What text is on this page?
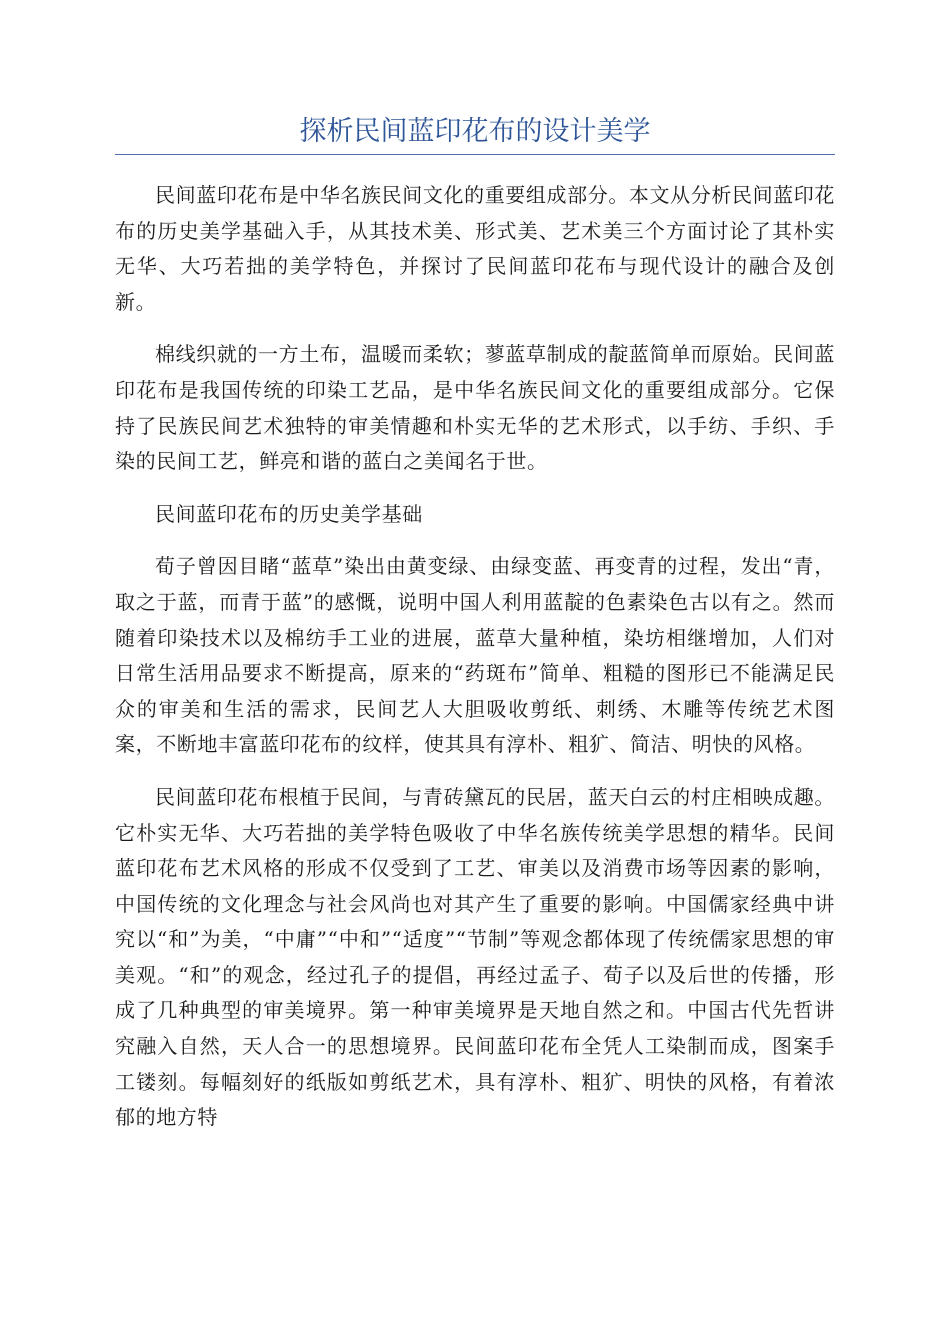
探析民间蓝印花布的设计美学

民间蓝印花布是中华名族民间文化的重要组成部分。本文从分析民间蓝印花布的历史美学基础入手，从其技术美、形式美、艺术美三个方面讨论了其朴实无华、大巧若拙的美学特色，并探讨了民间蓝印花布与现代设计的融合及创新。

棉线织就的一方土布，温暖而柔软；蓼蓝草制成的靛蓝简单而原始。民间蓝印花布是我国传统的印染工艺品，是中华名族民间文化的重要组成部分。它保持了民族民间艺术独特的审美情趣和朴实无华的艺术形式，以手纺、手织、手染的民间工艺，鲜亮和谐的蓝白之美闻名于世。

民间蓝印花布的历史美学基础

荀子曾因目睹“蓝草”染出由黄变绿、由绿变蓝、再变青的过程，发出“青，取之于蓝，而青于蓝”的感慨，说明中国人利用蓝靛的色素染色古以有之。然而随着印染技术以及棉纺手工业的进展，蓝草大量种植，染坊相继增加，人们对日常生活用品要求不断提高，原来的“药斑布”简单、粗糙的图形已不能满足民众的审美和生活的需求，民间艺人大胆吸收剪纸、刺绣、木雕等传统艺术图案，不断地丰富蓝印花布的纹样，使其具有淳朴、粗犷、简洁、明快的风格。

民间蓝印花布根植于民间，与青砖黛瓦的民居，蓝天白云的村庄相映成趣。它朴实无华、大巧若拙的美学特色吸收了中华名族传统美学思想的精华。民间蓝印花布艺术风格的形成不仅受到了工艺、审美以及消费市场等因素的影响，中国传统的文化理念与社会风尚也对其产生了重要的影响。中国儒家经典中讲究以“和”为美，“中庸”“中和”“适度”“节制”等观念都体现了传统儒家思想的审美观。“和”的观念，经过孔子的提倡，再经过孟子、荀子以及后世的传播，形成了几种典型的审美境界。第一种审美境界是天地自然之和。中国古代先哲讲究融入自然，天人合一的思想境界。民间蓝印花布全凭人工染制而成，图案手工镂刻。每幅刻好的纸版如剪纸艺术，具有淳朴、粗犷、明快的风格，有着浓郁的地方特
